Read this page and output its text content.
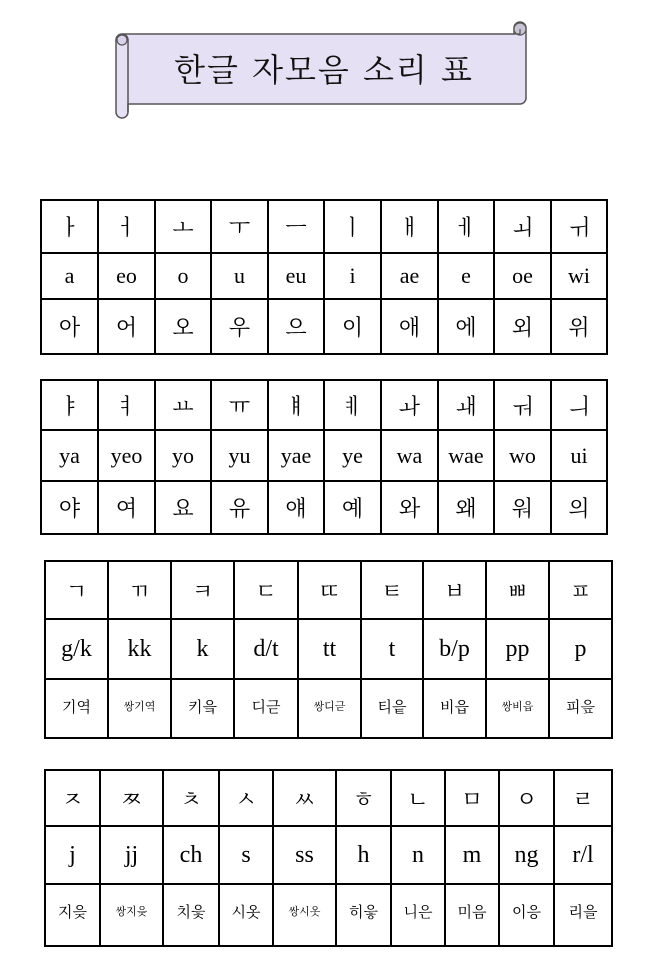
한글 자모음 소리 표
ㅏ	ㅓ	ㅗ	ㅜ	ㅡ	ㅣ	ㅐ	ㅔ	ㅚ	ㅟ
a	eo	o	u	eu	i	ae	e	oe	wi
아	어	오	우	으	이	애	에	외	위
ㅑ	ㅕ	ㅛ	ㅠ	ㅒ	ㅖ	ㅘ	ㅙ	ㅝ	ㅢ
ya	yeo	yo	yu	yae	ye	wa	wae	wo	ui
야	여	요	유	얘	예	와	왜	워	의
ㄱ	ㄲ	ㅋ	ㄷ	ㄸ	ㅌ	ㅂ	ㅃ	ㅍ
g/k	kk	k	d/t	tt	t	b/p	pp	p
기역	쌍기역	키읔	디귿	쌍디귿	티읕	비읍	쌍비읍	피읖
ㅈ	ㅉ	ㅊ	ㅅ	ㅆ	ㅎ	ㄴ	ㅁ	ㅇ	ㄹ
j	jj	ch	s	ss	h	n	m	ng	r/l
지읒	쌍지읒	치읓	시옷	쌍시옷	히읗	니은	미음	이응	리을
